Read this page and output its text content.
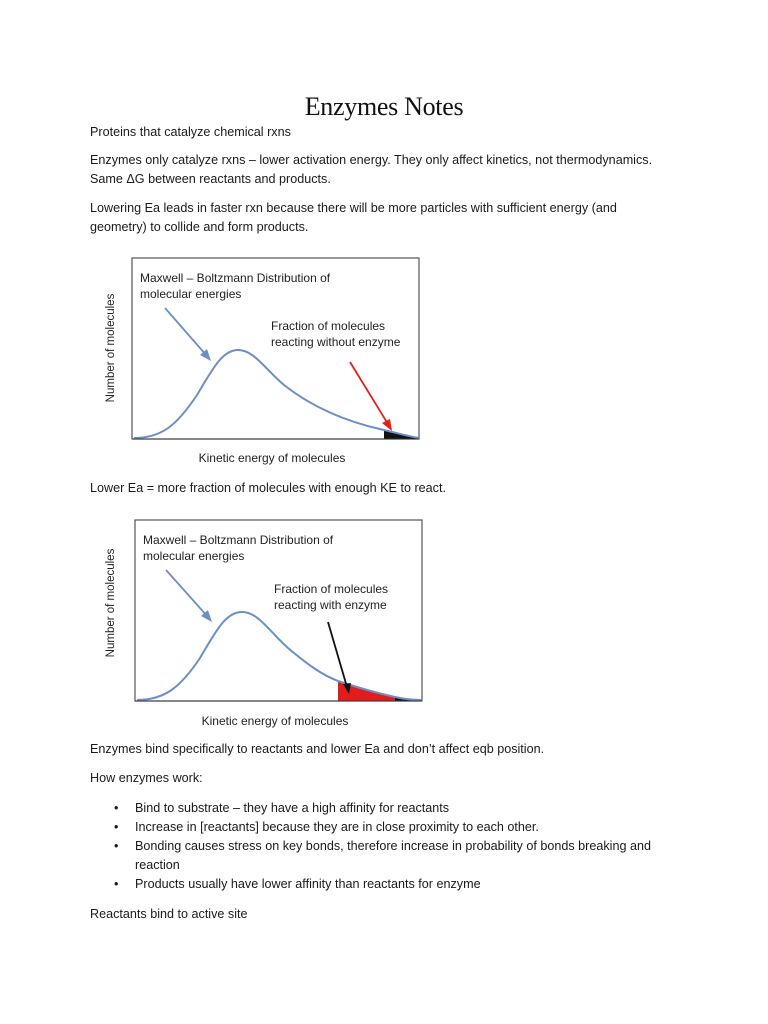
Enzymes Notes
Proteins that catalyze chemical rxns
Enzymes only catalyze rxns – lower activation energy. They only affect kinetics, not thermodynamics.
Same ΔG between reactants and products.
Lowering Ea leads in faster rxn because there will be more particles with sufficient energy (and
geometry) to collide and form products.
Maxwell – Boltzmann Distribution of
molecular energies
Fraction of molecules
reacting without enzyme
Number of molecules
Kinetic energy of molecules
Lower Ea = more fraction of molecules with enough KE to react.
Maxwell – Boltzmann Distribution of
molecular energies
Fraction of molecules
reacting with enzyme
Number of molecules
Kinetic energy of molecules
Enzymes bind specifically to reactants and lower Ea and don’t affect eqb position.
How enzymes work:
• Bind to substrate – they have a high affinity for reactants
• Increase in [reactants] because they are in close proximity to each other.
• Bonding causes stress on key bonds, therefore increase in probability of bonds breaking and
reaction
• Products usually have lower affinity than reactants for enzyme
Reactants bind to active site
